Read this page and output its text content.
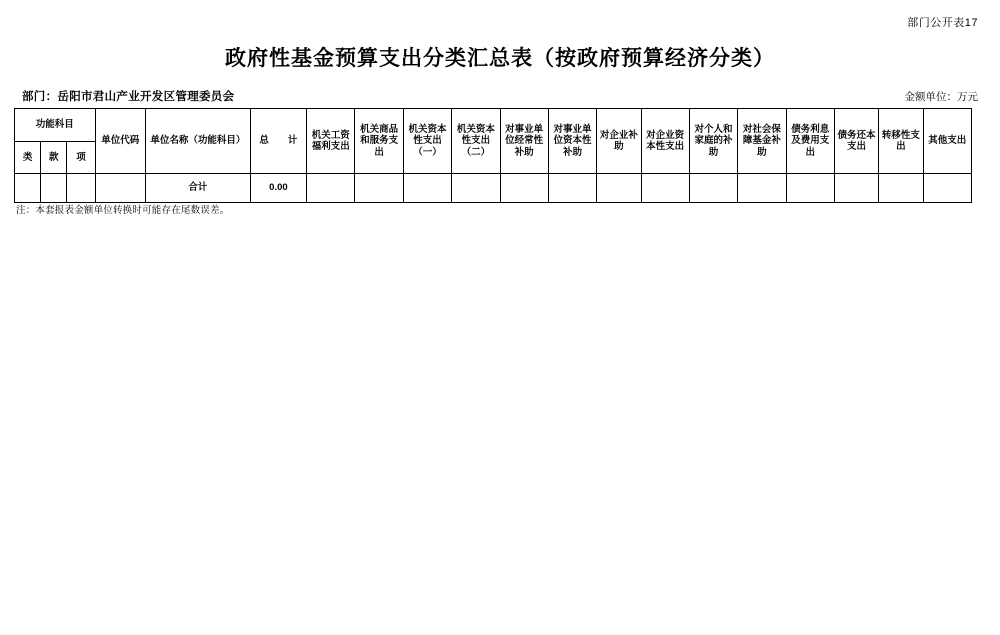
部门公开表17
政府性基金预算支出分类汇总表（按政府预算经济分类）
部门：岳阳市君山产业开发区管理委员会	金额单位：万元
功能科目			单位代码	单位名称（功能科目）	总　　计	机关工资福利支出	机关商品和服务支出	机关资本性支出（一）	机关资本性支出（二）	对事业单位经常性补助	对事业单位资本性补助	对企业补助	对企业资本性支出	对个人和家庭的补助	对社会保障基金补助	债务利息及费用支出	债务还本支出	转移性支出	其他支出
类	款	项																	
				合计	0.00														
注：本套报表金额单位转换时可能存在尾数误差。
